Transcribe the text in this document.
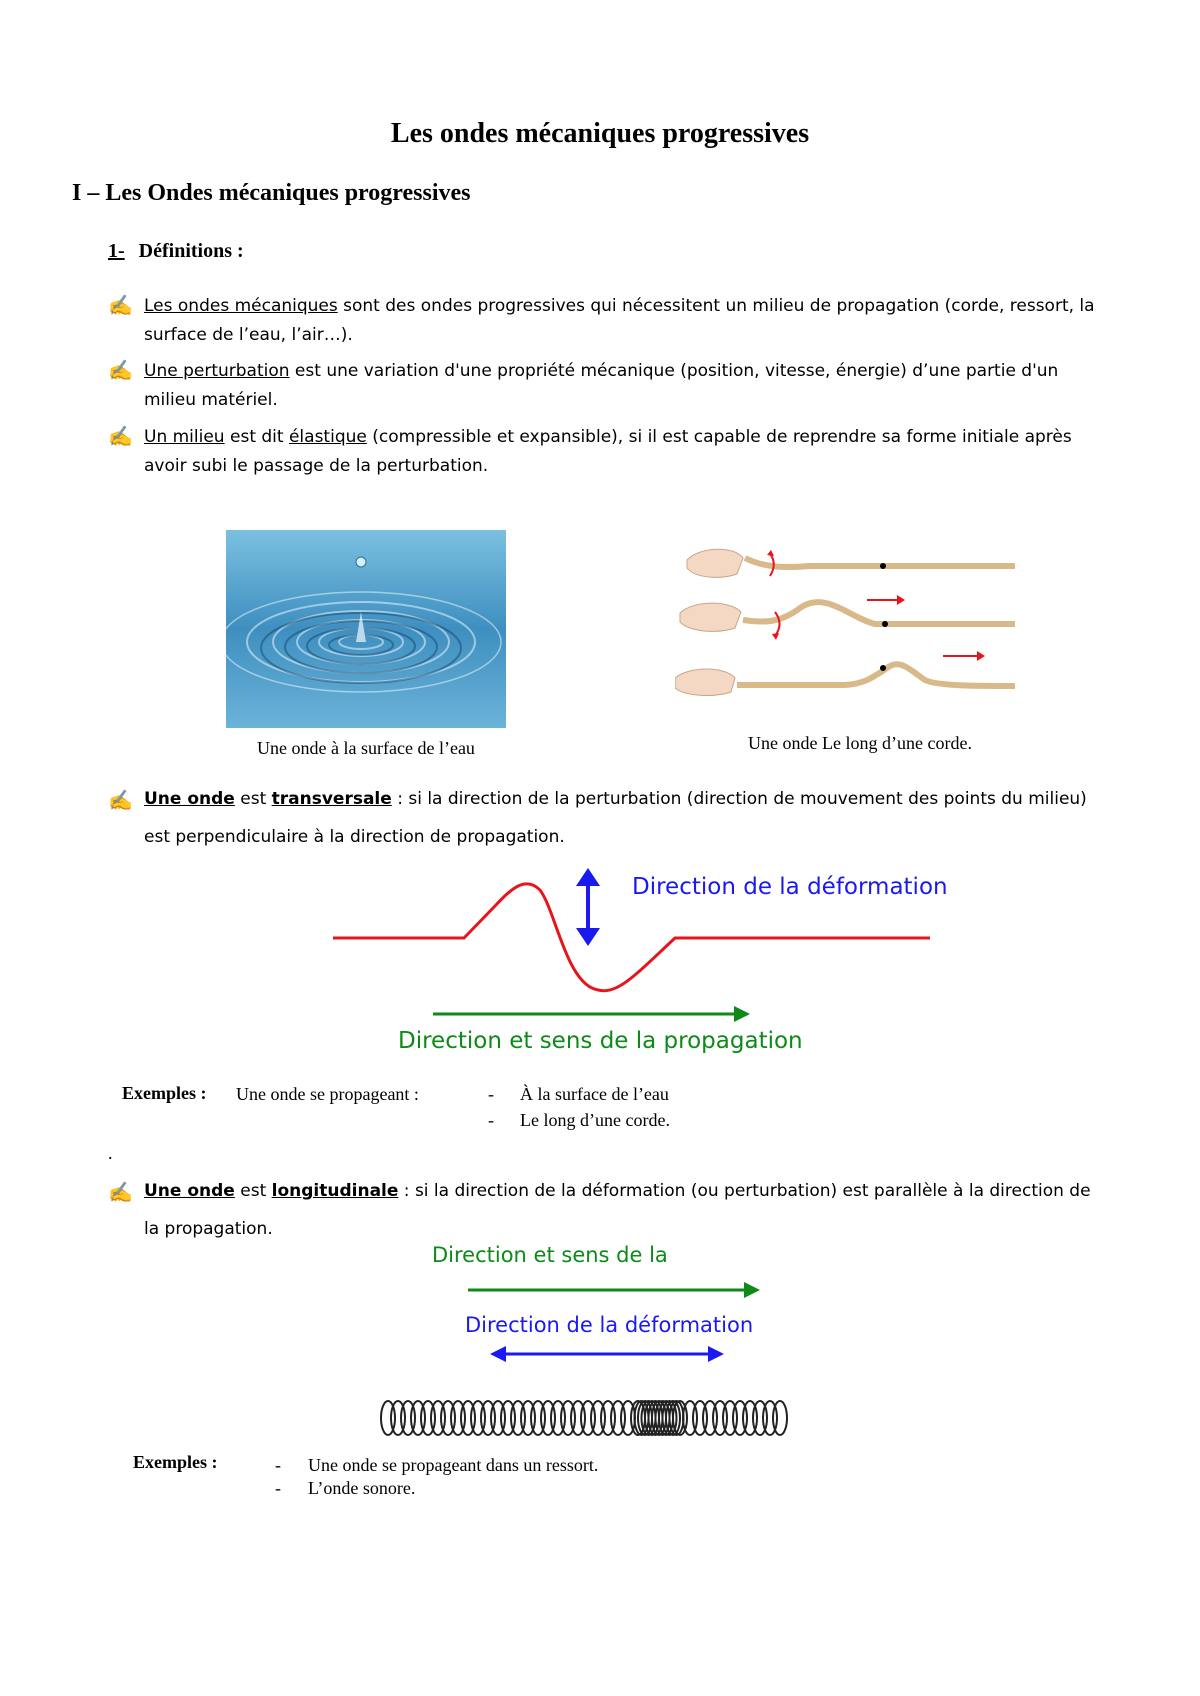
Les ondes mécaniques progressives
I – Les Ondes mécaniques progressives
1- Définitions :
✍ Les ondes mécaniques sont des ondes progressives qui nécessitent un milieu de propagation (corde, ressort, la
surface de l’eau, l’air…).
✍ Une perturbation est une variation d'une propriété mécanique (position, vitesse, énergie) d’une partie d'un
milieu matériel.
✍ Un milieu est dit élastique (compressible et expansible), si il est capable de reprendre sa forme initiale après
avoir subi le passage de la perturbation.
Une onde à la surface de l’eau	Une onde Le long d’une corde.
✍ Une onde est transversale : si la direction de la perturbation (direction de mouvement des points du milieu)
est perpendiculaire à la direction de propagation.
Direction de la déformation
Direction et sens de la propagation
Exemples : Une onde se propageant :	- À la surface de l’eau
- Le long d’une corde.
.
✍ Une onde est longitudinale : si la direction de la déformation (ou perturbation) est parallèle à la direction de
la propagation.
Direction et sens de la
Direction de la déformation
Exemples :	- Une onde se propageant dans un ressort.
- L’onde sonore.
